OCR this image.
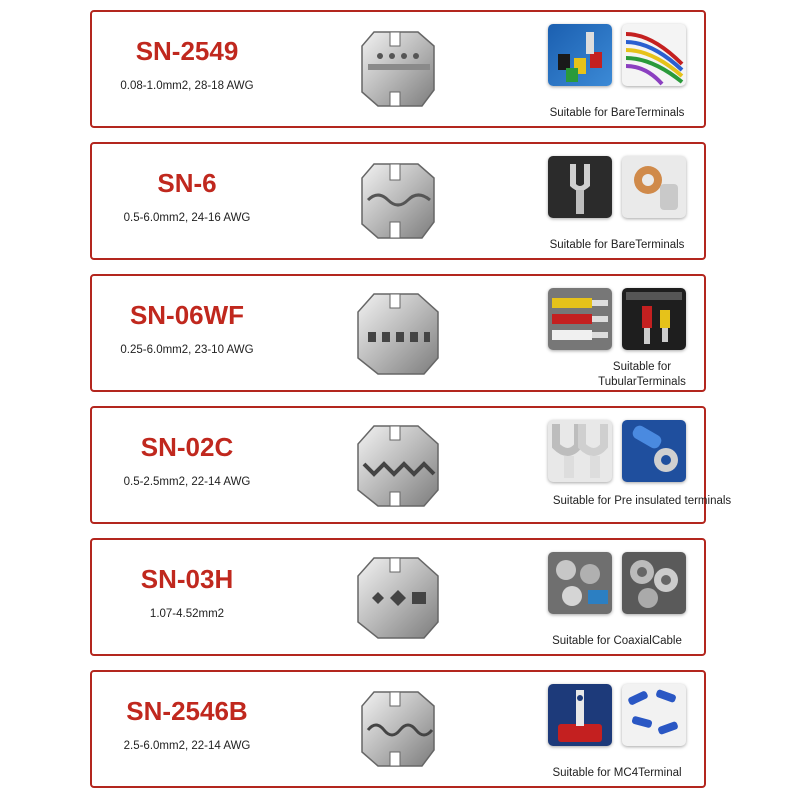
SN-2549
0.08-1.0mm2, 28-18 AWG
Suitable for BareTerminals
SN-6
0.5-6.0mm2, 24-16 AWG
Suitable for BareTerminals
SN-06WF
0.25-6.0mm2, 23-10 AWG
Suitable for TubularTerminals
SN-02C
0.5-2.5mm2, 22-14 AWG
Suitable for Pre insulated terminals
SN-03H
1.07-4.52mm2
Suitable for CoaxialCable
SN-2546B
2.5-6.0mm2, 22-14 AWG
Suitable for MC4Terminal
